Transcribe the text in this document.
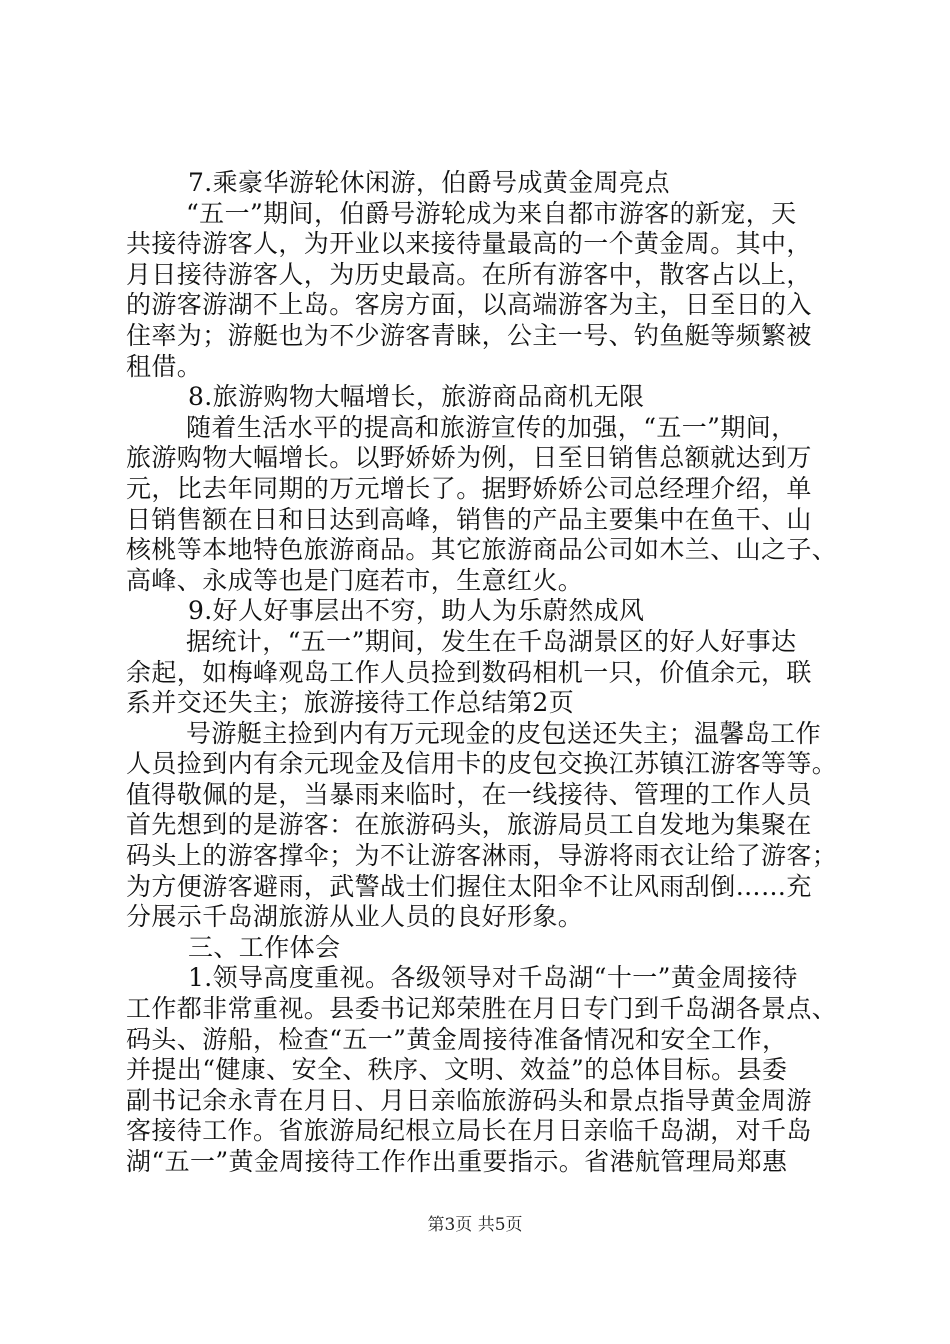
7.乘豪华游轮休闲游，伯爵号成黄金周亮点
“五一”期间，伯爵号游轮成为来自都市游客的新宠，天
共接待游客人，为开业以来接待量最高的一个黄金周。其中，
月日接待游客人，为历史最高。在所有游客中，散客占以上，
的游客游湖不上岛。客房方面，以高端游客为主，日至日的入
住率为；游艇也为不少游客青睐，公主一号、钓鱼艇等频繁被
租借。
8.旅游购物大幅增长，旅游商品商机无限
随着生活水平的提高和旅游宣传的加强，“五一”期间，
旅游购物大幅增长。以野娇娇为例，日至日销售总额就达到万
元，比去年同期的万元增长了。据野娇娇公司总经理介绍，单
日销售额在日和日达到高峰，销售的产品主要集中在鱼干、山
核桃等本地特色旅游商品。其它旅游商品公司如木兰、山之子、
高峰、永成等也是门庭若市，生意红火。
9.好人好事层出不穷，助人为乐蔚然成风
据统计，“五一”期间，发生在千岛湖景区的好人好事达
余起，如梅峰观岛工作人员捡到数码相机一只，价值余元，联
系并交还失主；旅游接待工作总结第2页
号游艇主捡到内有万元现金的皮包送还失主；温馨岛工作
人员捡到内有余元现金及信用卡的皮包交换江苏镇江游客等等。
值得敬佩的是，当暴雨来临时，在一线接待、管理的工作人员
首先想到的是游客：在旅游码头，旅游局员工自发地为集聚在
码头上的游客撑伞；为不让游客淋雨，导游将雨衣让给了游客；
为方便游客避雨，武警战士们握住太阳伞不让风雨刮倒……充
分展示千岛湖旅游从业人员的良好形象。
三、工作体会
1.领导高度重视。各级领导对千岛湖“十一”黄金周接待
工作都非常重视。县委书记郑荣胜在月日专门到千岛湖各景点、
码头、游船，检查“五一”黄金周接待准备情况和安全工作，
并提出“健康、安全、秩序、文明、效益”的总体目标。县委
副书记余永青在月日、月日亲临旅游码头和景点指导黄金周游
客接待工作。省旅游局纪根立局长在月日亲临千岛湖，对千岛
湖“五一”黄金周接待工作作出重要指示。省港航管理局郑惠
第3页 共5页
